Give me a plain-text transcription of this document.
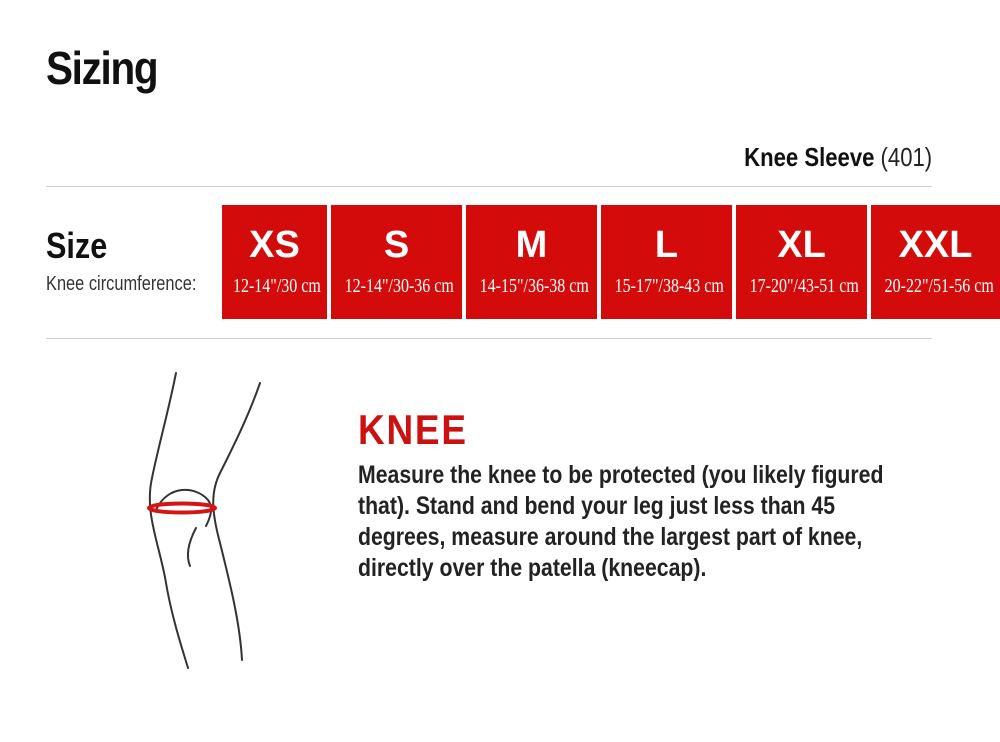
Sizing
Knee Sleeve (401)
Size
Knee circumference:
XS
12-14"/30 cm
S
12-14"/30-36 cm
M
14-15"/36-38 cm
L
15-17"/38-43 cm
XL
17-20"/43-51 cm
XXL
20-22"/51-56 cm
KNEE
Measure the knee to be protected (you likely figured that). Stand and bend your leg just less than 45 degrees, measure around the largest part of knee, directly over the patella (kneecap).
